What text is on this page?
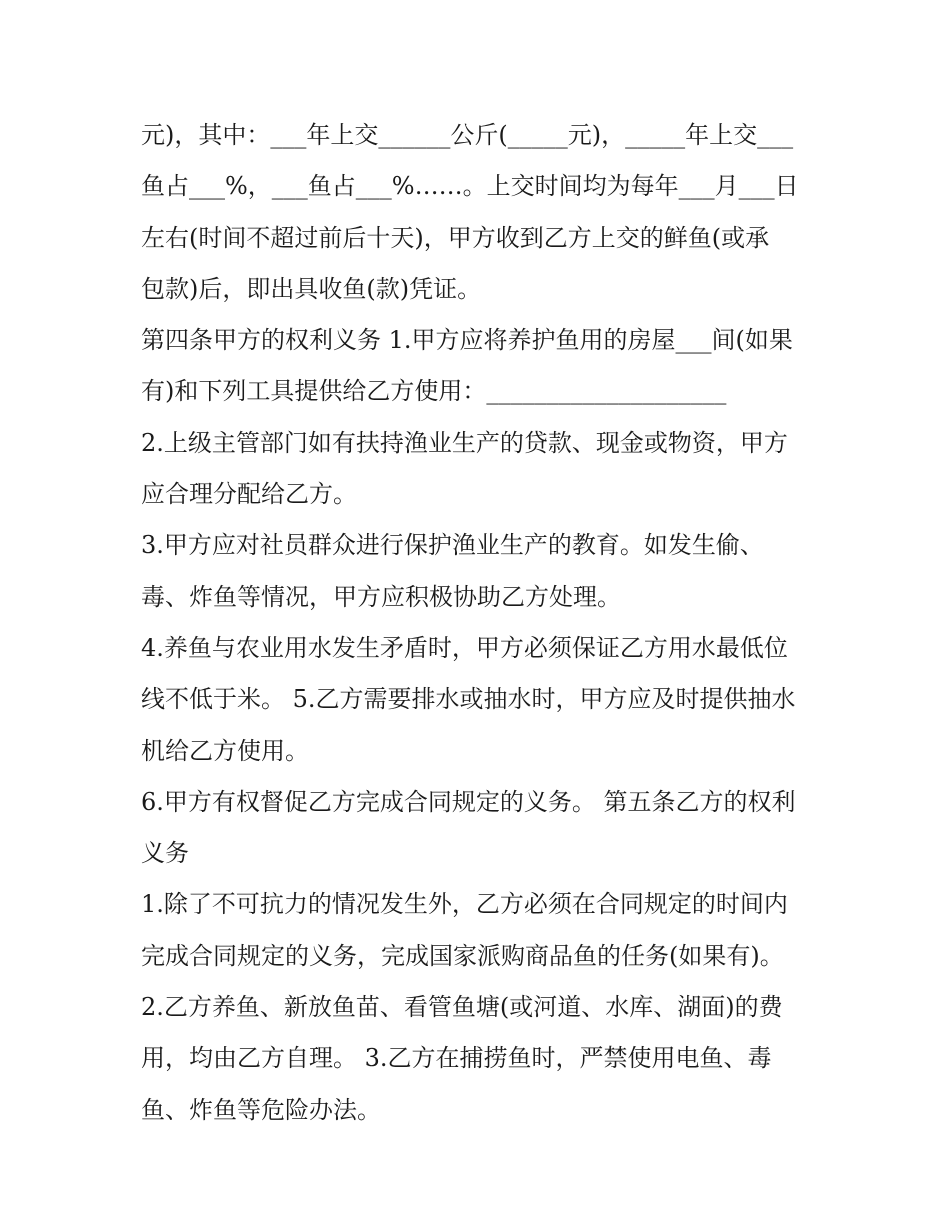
元)，其中：___年上交______公斤(_____元)，_____年上交___
鱼占___%，___鱼占___%……。上交时间均为每年___月___日
左右(时间不超过前后十天)，甲方收到乙方上交的鲜鱼(或承
包款)后，即出具收鱼(款)凭证。
第四条甲方的权利义务 1.甲方应将养护鱼用的房屋___间(如果
有)和下列工具提供给乙方使用：____________________
2.上级主管部门如有扶持渔业生产的贷款、现金或物资，甲方
应合理分配给乙方。
3.甲方应对社员群众进行保护渔业生产的教育。如发生偷、
毒、炸鱼等情况，甲方应积极协助乙方处理。
4.养鱼与农业用水发生矛盾时，甲方必须保证乙方用水最低位
线不低于米。 5.乙方需要排水或抽水时，甲方应及时提供抽水
机给乙方使用。
6.甲方有权督促乙方完成合同规定的义务。 第五条乙方的权利
义务
1.除了不可抗力的情况发生外，乙方必须在合同规定的时间内
完成合同规定的义务，完成国家派购商品鱼的任务(如果有)。
2.乙方养鱼、新放鱼苗、看管鱼塘(或河道、水库、湖面)的费
用，均由乙方自理。 3.乙方在捕捞鱼时，严禁使用电鱼、毒
鱼、炸鱼等危险办法。
